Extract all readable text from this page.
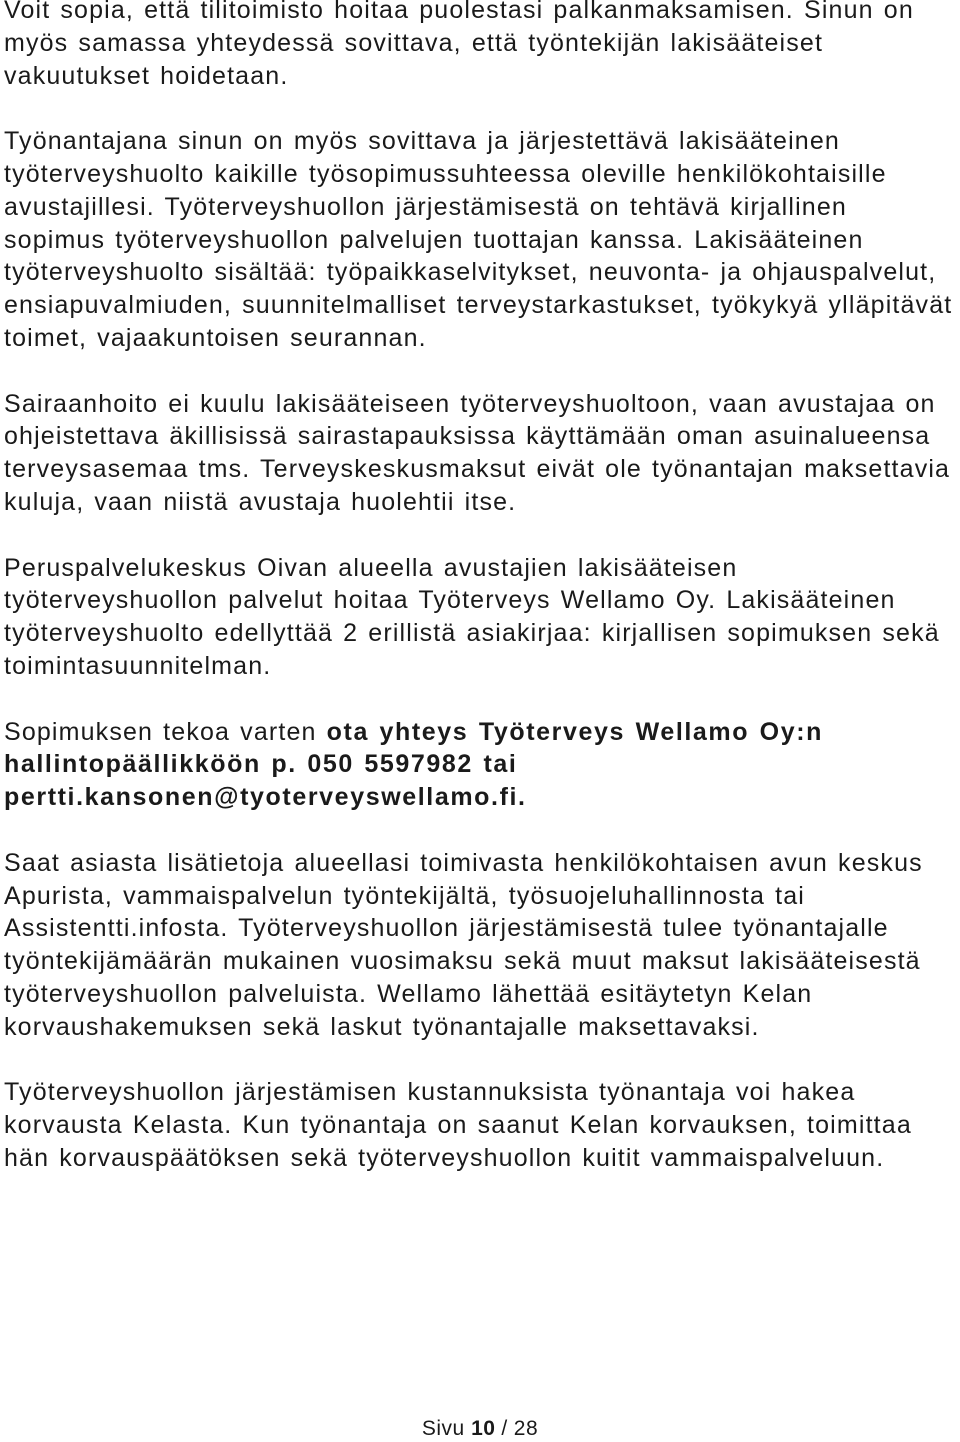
Voit sopia, että tilitoimisto hoitaa puolestasi palkanmaksamisen. Sinun on myös samassa yhteydessä sovittava, että työntekijän lakisääteiset vakuutukset hoidetaan.

Työnantajana sinun on myös sovittava ja järjestettävä lakisääteinen työterveyshuolto kaikille työsopimussuhteessa oleville henkilökohtaisille avustajillesi. Työterveyshuollon järjestämisestä on tehtävä kirjallinen sopimus työterveyshuollon palvelujen tuottajan kanssa. Lakisääteinen työterveyshuolto sisältää: työpaikkaselvitykset, neuvonta- ja ohjauspalvelut, ensiapuvalmiuden, suunnitelmalliset terveystarkastukset, työkykyä ylläpitävät toimet, vajaakuntoisen seurannan.

Sairaanhoito ei kuulu lakisääteiseen työterveyshuoltoon, vaan avustajaa on ohjeistettava äkillisissä sairastapauksissa käyttämään oman asuinalueensa terveysasemaa tms. Terveyskeskusmaksut eivät ole työnantajan maksettavia kuluja, vaan niistä avustaja huolehtii itse.

Peruspalvelukeskus Oivan alueella avustajien lakisääteisen työterveyshuollon palvelut hoitaa Työterveys Wellamo Oy. Lakisääteinen työterveyshuolto edellyttää 2 erillistä asiakirjaa: kirjallisen sopimuksen sekä toimintasuunnitelman.

Sopimuksen tekoa varten ota yhteys Työterveys Wellamo Oy:n hallintopäällikköön p. 050 5597982 tai pertti.kansonen@tyoterveyswellamo.fi.

Saat asiasta lisätietoja alueellasi toimivasta henkilökohtaisen avun keskus Apurista, vammaispalvelun työntekijältä, työsuojeluhallinnosta tai Assistentti.infosta. Työterveyshuollon järjestämisestä tulee työnantajalle työntekijämäärän mukainen vuosimaksu sekä muut maksut lakisääteisestä työterveyshuollon palveluista. Wellamo lähettää esitäytetyn Kelan korvaushakemuksen sekä laskut työnantajalle maksettavaksi.

Työterveyshuollon järjestämisen kustannuksista työnantaja voi hakea korvausta Kelasta. Kun työnantaja on saanut Kelan korvauksen, toimittaa hän korvauspäätöksen sekä työterveyshuollon kuitit vammaispalveluun.

Sivu 10 / 28
